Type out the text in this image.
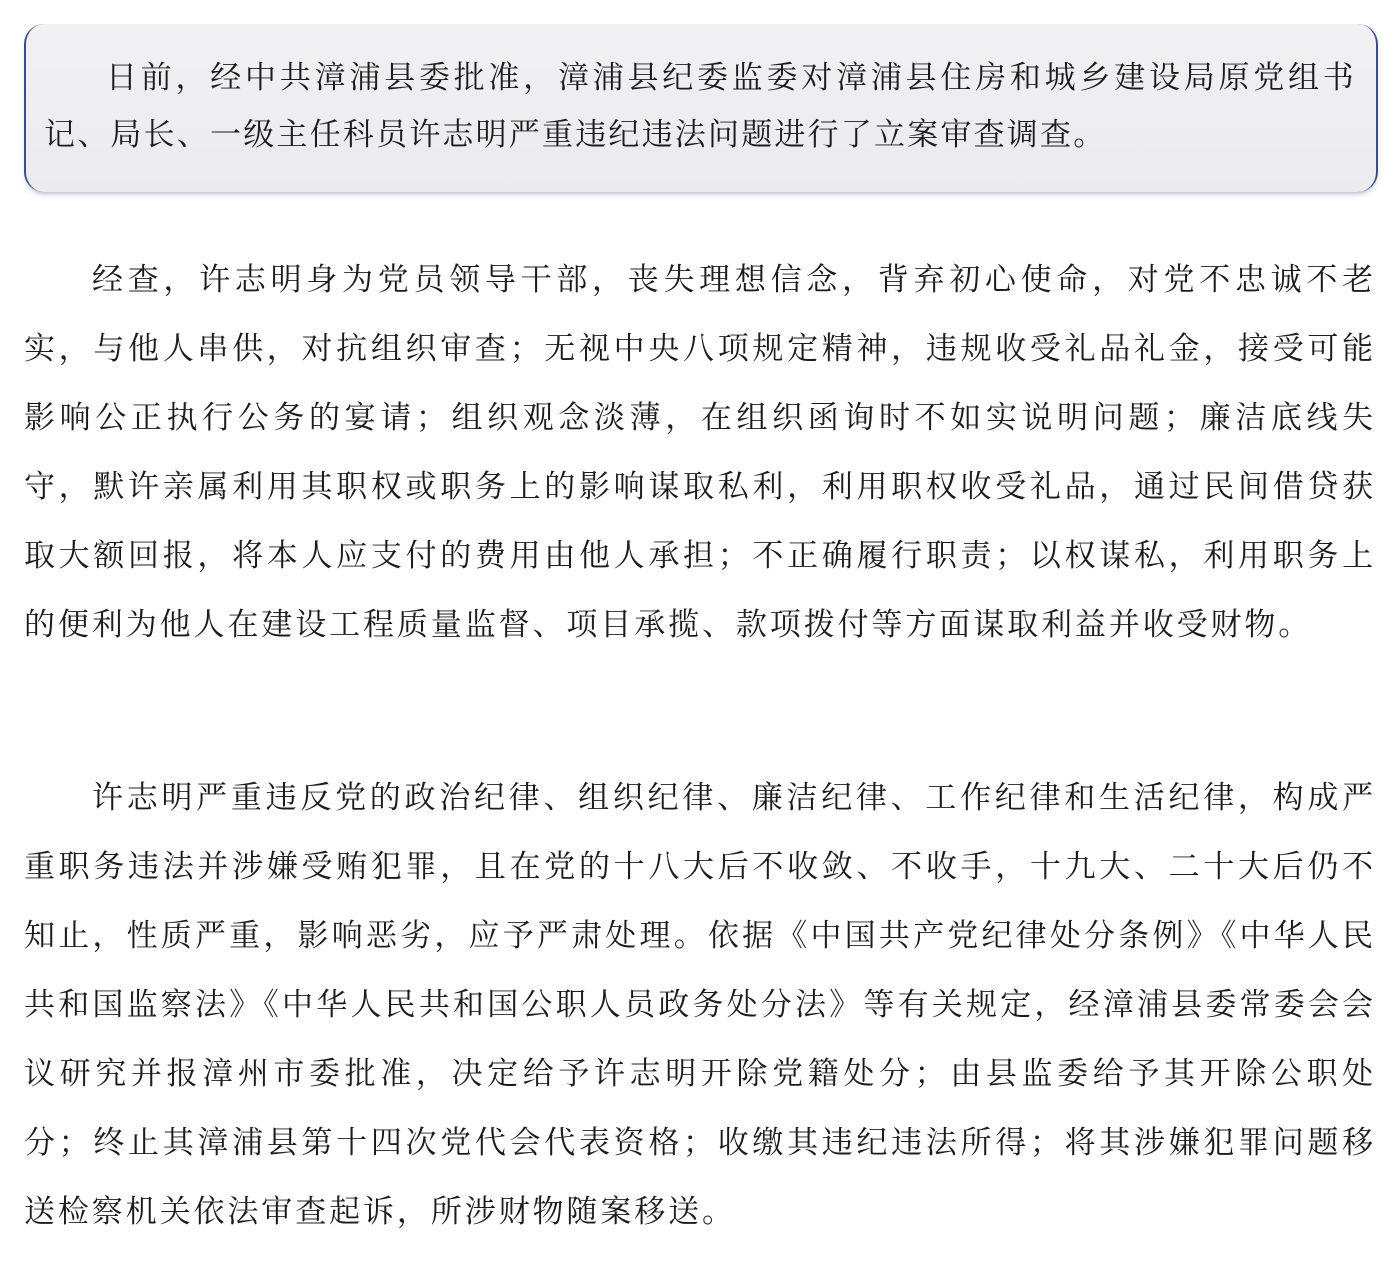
日前，经中共漳浦县委批准，漳浦县纪委监委对漳浦县住房和城乡建设局原党组书记、局长、一级主任科员许志明严重违纪违法问题进行了立案审查调查。

经查，许志明身为党员领导干部，丧失理想信念，背弃初心使命，对党不忠诚不老实，与他人串供，对抗组织审查；无视中央八项规定精神，违规收受礼品礼金，接受可能影响公正执行公务的宴请；组织观念淡薄，在组织函询时不如实说明问题；廉洁底线失守，默许亲属利用其职权或职务上的影响谋取私利，利用职权收受礼品，通过民间借贷获取大额回报，将本人应支付的费用由他人承担；不正确履行职责；以权谋私，利用职务上的便利为他人在建设工程质量监督、项目承揽、款项拨付等方面谋取利益并收受财物。

许志明严重违反党的政治纪律、组织纪律、廉洁纪律、工作纪律和生活纪律，构成严重职务违法并涉嫌受贿犯罪，且在党的十八大后不收敛、不收手，十九大、二十大后仍不知止，性质严重，影响恶劣，应予严肃处理。依据《中国共产党纪律处分条例》《中华人民共和国监察法》《中华人民共和国公职人员政务处分法》等有关规定，经漳浦县委常委会会议研究并报漳州市委批准，决定给予许志明开除党籍处分；由县监委给予其开除公职处分；终止其漳浦县第十四次党代会代表资格；收缴其违纪违法所得；将其涉嫌犯罪问题移送检察机关依法审查起诉，所涉财物随案移送。
